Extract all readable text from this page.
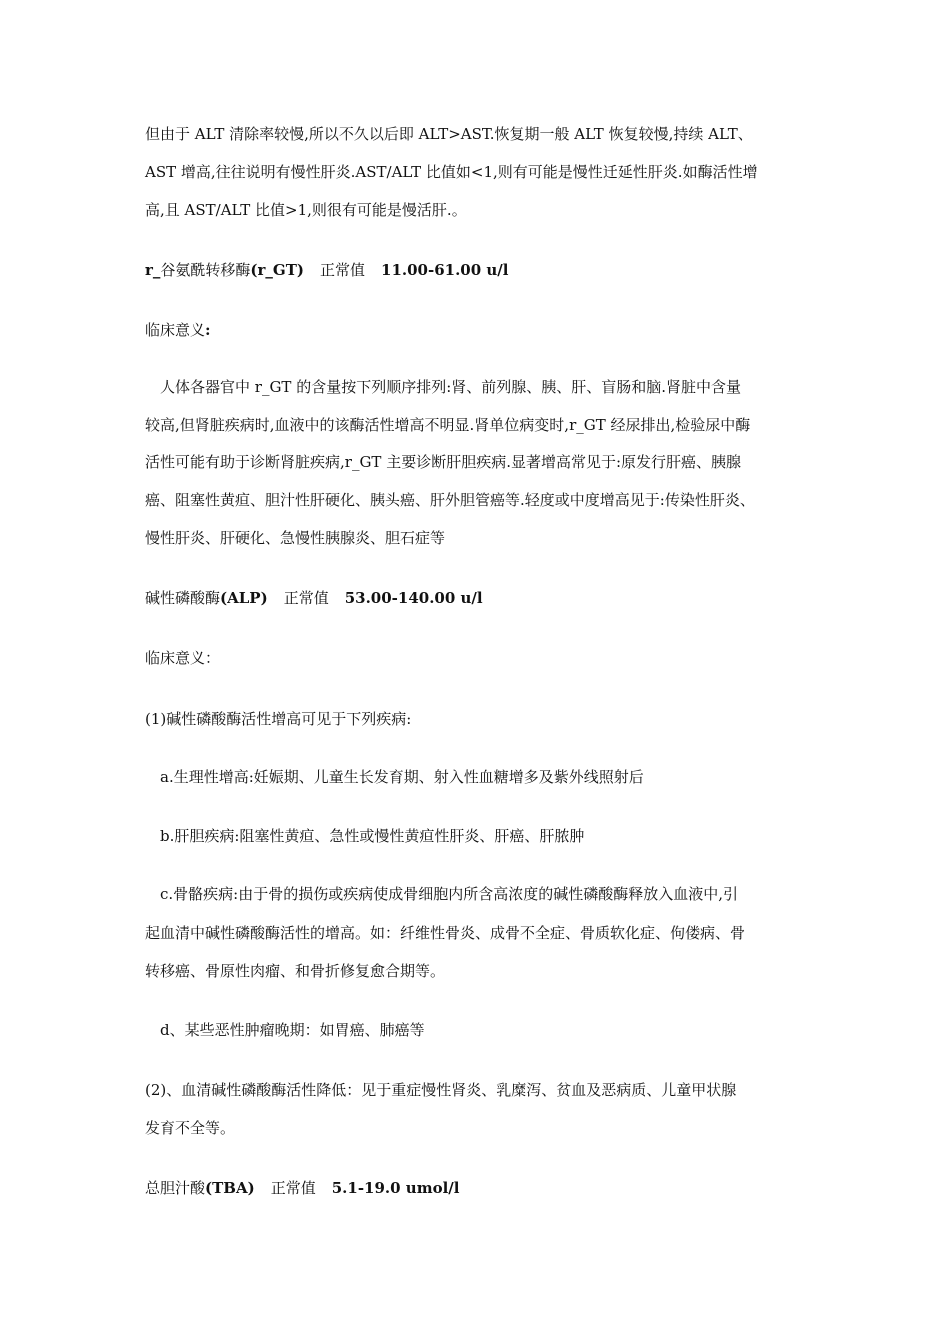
但由于 ALT 清除率较慢,所以不久以后即 ALT>AST.恢复期一般 ALT 恢复较慢,持续 ALT、
AST 增高,往往说明有慢性肝炎.AST/ALT 比值如<1,则有可能是慢性迁延性肝炎.如酶活性增
高,且 AST/ALT 比值>1,则很有可能是慢活肝.。
r_谷氨酰转移酶(r_GT) 正常值 11.00-61.00 u/l
临床意义:
人体各器官中 r_GT 的含量按下列顺序排列:肾、前列腺、胰、肝、盲肠和脑.肾脏中含量
较高,但肾脏疾病时,血液中的该酶活性增高不明显.肾单位病变时,r_GT 经尿排出,检验尿中酶
活性可能有助于诊断肾脏疾病,r_GT 主要诊断肝胆疾病.显著增高常见于:原发行肝癌、胰腺
癌、阻塞性黄疸、胆汁性肝硬化、胰头癌、肝外胆管癌等.轻度或中度增高见于:传染性肝炎、
慢性肝炎、肝硬化、急慢性胰腺炎、胆石症等
碱性磷酸酶(ALP) 正常值 53.00-140.00 u/l
临床意义：
(1)碱性磷酸酶活性增高可见于下列疾病:
a.生理性增高:妊娠期、儿童生长发育期、射入性血糖增多及紫外线照射后
b.肝胆疾病:阻塞性黄疸、急性或慢性黄疸性肝炎、肝癌、肝脓肿
c.骨骼疾病:由于骨的损伤或疾病使成骨细胞内所含高浓度的碱性磷酸酶释放入血液中,引
起血清中碱性磷酸酶活性的增高。如：纤维性骨炎、成骨不全症、骨质软化症、佝偻病、骨
转移癌、骨原性肉瘤、和骨折修复愈合期等。
d、某些恶性肿瘤晚期：如胃癌、肺癌等
(2)、血清碱性磷酸酶活性降低：见于重症慢性肾炎、乳糜泻、贫血及恶病质、儿童甲状腺
发育不全等。
总胆汁酸(TBA) 正常值 5.1-19.0 umol/l
